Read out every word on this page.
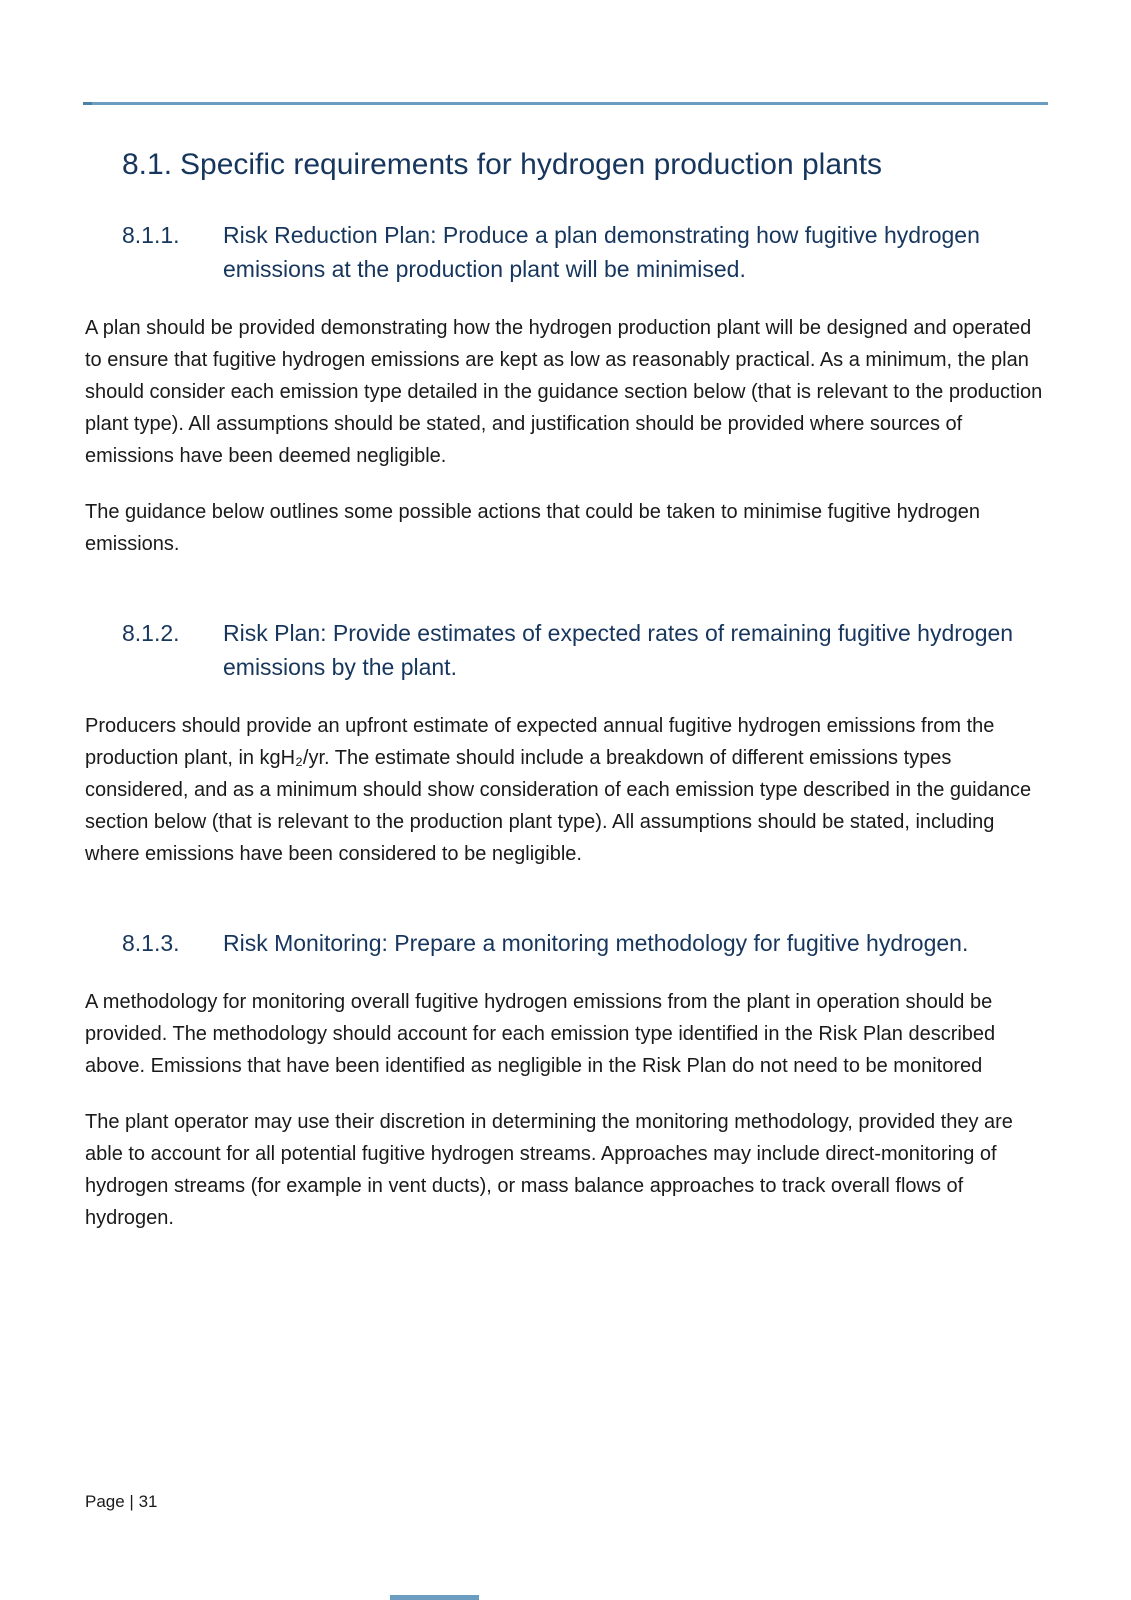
8.1. Specific requirements for hydrogen production plants
8.1.1.	Risk Reduction Plan: Produce a plan demonstrating how fugitive hydrogen emissions at the production plant will be minimised.

A plan should be provided demonstrating how the hydrogen production plant will be designed and operated to ensure that fugitive hydrogen emissions are kept as low as reasonably practical. As a minimum, the plan should consider each emission type detailed in the guidance section below (that is relevant to the production plant type). All assumptions should be stated, and justification should be provided where sources of emissions have been deemed negligible.

The guidance below outlines some possible actions that could be taken to minimise fugitive hydrogen emissions.

8.1.2.	Risk Plan: Provide estimates of expected rates of remaining fugitive hydrogen emissions by the plant.

Producers should provide an upfront estimate of expected annual fugitive hydrogen emissions from the production plant, in kgH₂/yr. The estimate should include a breakdown of different emissions types considered, and as a minimum should show consideration of each emission type described in the guidance section below (that is relevant to the production plant type). All assumptions should be stated, including where emissions have been considered to be negligible.

8.1.3.	Risk Monitoring: Prepare a monitoring methodology for fugitive hydrogen.

A methodology for monitoring overall fugitive hydrogen emissions from the plant in operation should be provided. The methodology should account for each emission type identified in the Risk Plan described above. Emissions that have been identified as negligible in the Risk Plan do not need to be monitored

The plant operator may use their discretion in determining the monitoring methodology, provided they are able to account for all potential fugitive hydrogen streams. Approaches may include direct-monitoring of hydrogen streams (for example in vent ducts), or mass balance approaches to track overall flows of hydrogen.

Page | 31
